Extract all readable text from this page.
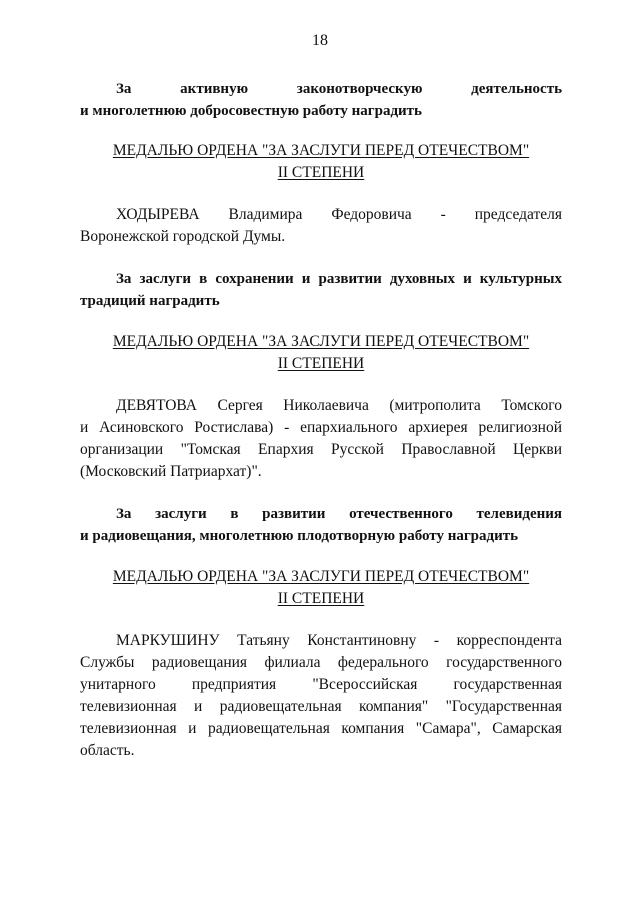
18
За активную законотворческую деятельность
и многолетнюю добросовестную работу наградить
МЕДАЛЬЮ ОРДЕНА "ЗА ЗАСЛУГИ ПЕРЕД ОТЕЧЕСТВОМ"
II СТЕПЕНИ
ХОДЫРЕВА Владимира Федоровича - председателя
Воронежской городской Думы.
За заслуги в сохранении и развитии духовных и культурных
традиций наградить
МЕДАЛЬЮ ОРДЕНА "ЗА ЗАСЛУГИ ПЕРЕД ОТЕЧЕСТВОМ"
II СТЕПЕНИ
ДЕВЯТОВА Сергея Николаевича (митрополита Томского
и Асиновского Ростислава) - епархиального архиерея религиозной
организации "Томская Епархия Русской Православной Церкви
(Московский Патриархат)".
За заслуги в развитии отечественного телевидения
и радиовещания, многолетнюю плодотворную работу наградить
МЕДАЛЬЮ ОРДЕНА "ЗА ЗАСЛУГИ ПЕРЕД ОТЕЧЕСТВОМ"
II СТЕПЕНИ
МАРКУШИНУ Татьяну Константиновну - корреспондента
Службы радиовещания филиала федерального государственного
унитарного предприятия "Всероссийская государственная
телевизионная и радиовещательная компания" "Государственная
телевизионная и радиовещательная компания "Самара", Самарская
область.
